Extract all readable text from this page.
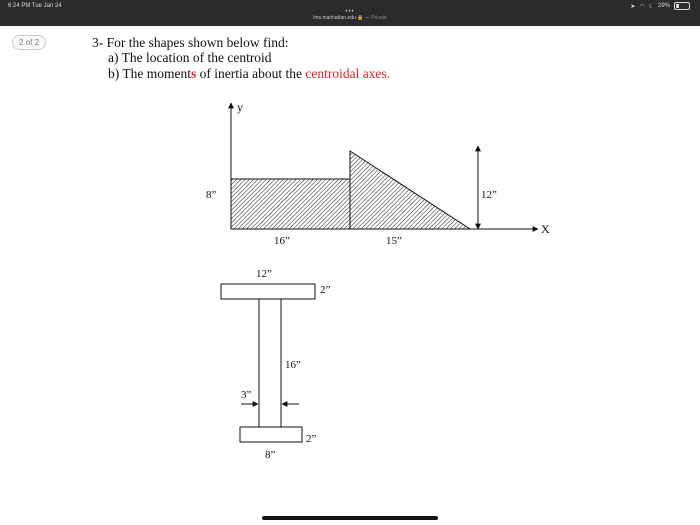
6:24 PM Tue Jan 24	➤ ◠ ☾ 29%
•••
lms.manhattan.edu 🔒 — Private
2 of 2	3- For the shapes shown below find:
a) The location of the centroid
b) The moments of inertia about the centroidal axes.
y
X
8”
16”	15”
12”
12”
2”
16”
3”
2”
8”
